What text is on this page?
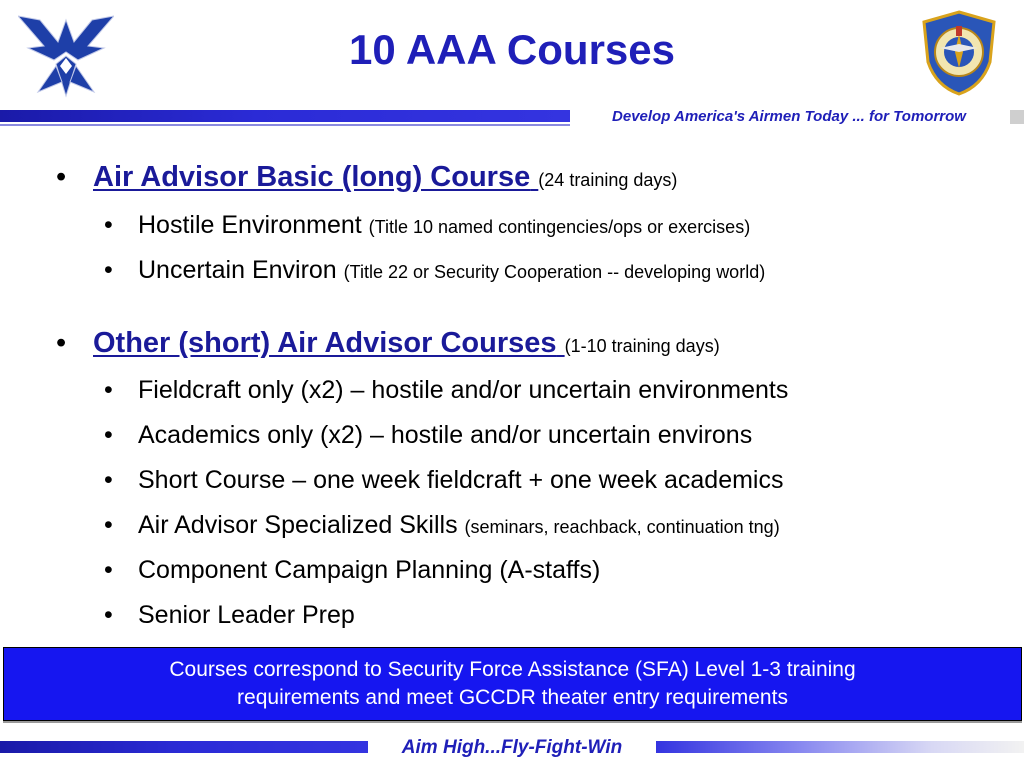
10 AAA Courses
Develop America's Airmen Today ... for Tomorrow
• Air Advisor Basic (long) Course (24 training days)
• Hostile Environment (Title 10 named contingencies/ops or exercises)
• Uncertain Environ (Title 22 or Security Cooperation -- developing world)
• Other (short) Air Advisor Courses (1-10 training days)
• Fieldcraft only (x2) – hostile and/or uncertain environments
• Academics only (x2) – hostile and/or uncertain environs
• Short Course – one week fieldcraft + one week academics
• Air Advisor Specialized Skills (seminars, reachback, continuation tng)
• Component Campaign Planning (A-staffs)
• Senior Leader Prep
Courses correspond to Security Force Assistance (SFA) Level 1-3 training
requirements and meet GCCDR theater entry requirements
Aim High...Fly-Fight-Win
